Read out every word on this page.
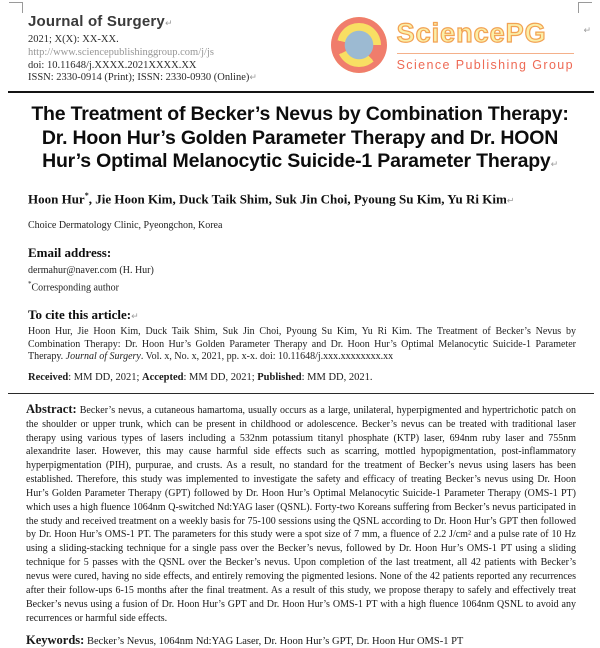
↵
Journal of Surgery↵
2021; X(X): XX-XX.
http://www.sciencepublishinggroup.com/j/js
doi: 10.11648/j.XXXX.2021XXXX.XX
ISSN: 2330-0914 (Print); ISSN: 2330-0930 (Online)↵
SciencePG
Science Publishing Group
The Treatment of Becker’s Nevus by Combination Therapy:
Dr. Hoon Hur’s Golden Parameter Therapy and Dr. HOON
Hur’s Optimal Melanocytic Suicide-1 Parameter Therapy↵
Hoon Hur*, Jie Hoon Kim, Duck Taik Shim, Suk Jin Choi, Pyoung Su Kim, Yu Ri Kim↵
Choice Dermatology Clinic, Pyeongchon, Korea
Email address:
dermahur@naver.com (H. Hur)
*Corresponding author
To cite this article:↵
Hoon Hur, Jie Hoon Kim, Duck Taik Shim, Suk Jin Choi, Pyoung Su Kim, Yu Ri Kim. The Treatment of Becker’s Nevus by Combination Therapy: Dr. Hoon Hur’s Golden Parameter Therapy and Dr. Hoon Hur’s Optimal Melanocytic Suicide-1 Parameter Therapy. Journal of Surgery. Vol. x, No. x, 2021, pp. x-x. doi: 10.11648/j.xxx.xxxxxxxx.xx
Received: MM DD, 2021; Accepted: MM DD, 2021; Published: MM DD, 2021.
Abstract: Becker’s nevus, a cutaneous hamartoma, usually occurs as a large, unilateral, hyperpigmented and hypertrichotic patch on the shoulder or upper trunk, which can be present in childhood or adolescence. Becker’s nevus can be treated with traditional laser therapy using various types of lasers including a 532nm potassium titanyl phosphate (KTP) laser, 694nm ruby laser and 755nm alexandrite laser. However, this may cause harmful side effects such as scarring, mottled hypopigmentation, post-inflammatory hyperpigmentation (PIH), purpurae, and crusts. As a result, no standard for the treatment of Becker’s nevus using lasers has been established. Therefore, this study was implemented to investigate the safety and efficacy of treating Becker’s nevus using Dr. Hoon Hur’s Golden Parameter Therapy (GPT) followed by Dr. Hoon Hur’s Optimal Melanocytic Suicide-1 Parameter Therapy (OMS-1 PT) which uses a high fluence 1064nm Q-switched Nd:YAG laser (QSNL). Forty-two Koreans suffering from Becker’s nevus participated in the study and received treatment on a weekly basis for 75-100 sessions using the QSNL according to Dr. Hoon Hur’s GPT then followed by Dr. Hoon Hur’s OMS-1 PT. The parameters for this study were a spot size of 7 mm, a fluence of 2.2 J/cm² and a pulse rate of 10 Hz using a sliding-stacking technique for a single pass over the Becker’s nevus, followed by Dr. Hoon Hur’s OMS-1 PT using a sliding technique for 5 passes with the QSNL over the Becker’s nevus. Upon completion of the last treatment, all 42 patients with Becker’s nevus were cured, having no side effects, and entirely removing the pigmented lesions. None of the 42 patients reported any recurrences after their follow-ups 6-15 months after the final treatment. As a result of this study, we propose therapy to safely and effectively treat Becker’s nevus using a fusion of Dr. Hoon Hur’s GPT and Dr. Hoon Hur’s OMS-1 PT with a high fluence 1064nm QSNL to avoid any recurrences or harmful side effects.
Keywords: Becker’s Nevus, 1064nm Nd:YAG Laser, Dr. Hoon Hur’s GPT, Dr. Hoon Hur OMS-1 PT
